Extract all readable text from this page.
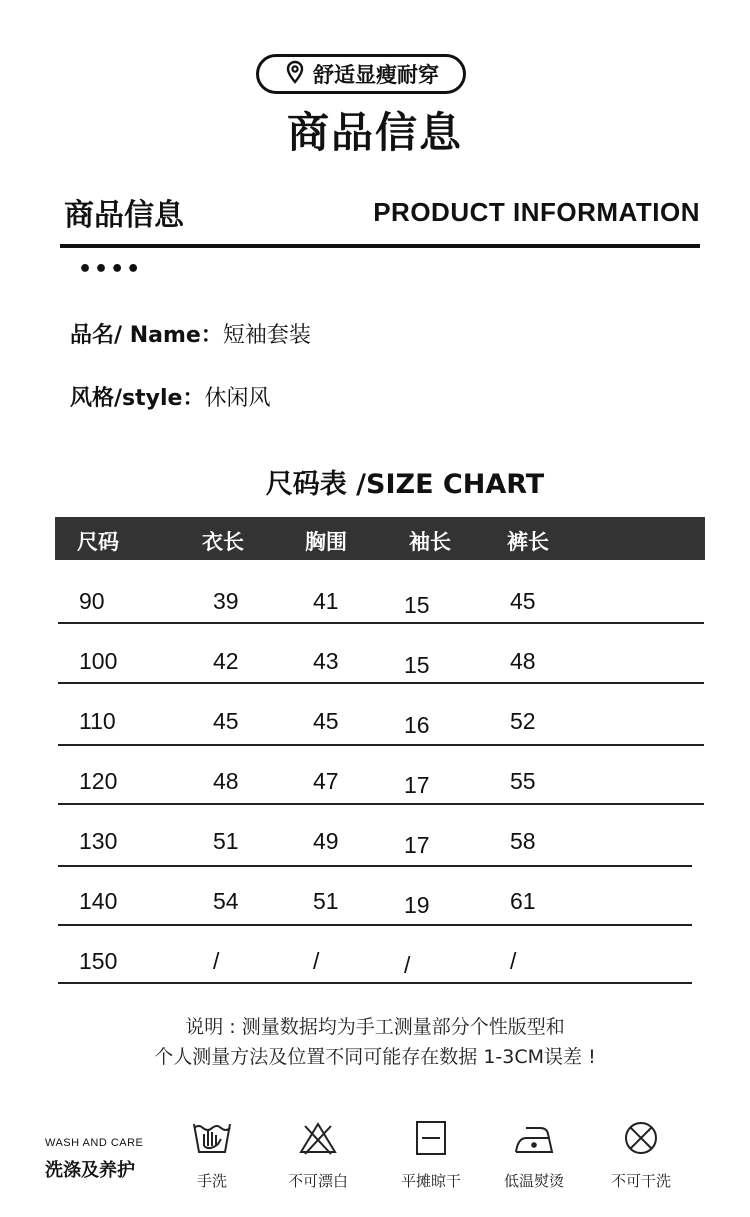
舒适显瘦耐穿
商品信息
商品信息	PRODUCT INFORMATION
••••
品名/ Name：短袖套装
风格/style：休闲风
尺码表 /SIZE CHART
尺码	衣长	胸围	袖长	裤长
90	39	41	15	45
100	42	43	15	48
110	45	45	16	52
120	48	47	17	55
130	51	49	17	58
140	54	51	19	61
150	/	/	/	/
说明 : 测量数据均为手工测量部分个性版型和
个人测量方法及位置不同可能存在数据 1-3CM误差 !
WASH AND CARE
洗涤及养护	手洗	不可漂白	平摊晾干	低温熨烫	不可干洗
